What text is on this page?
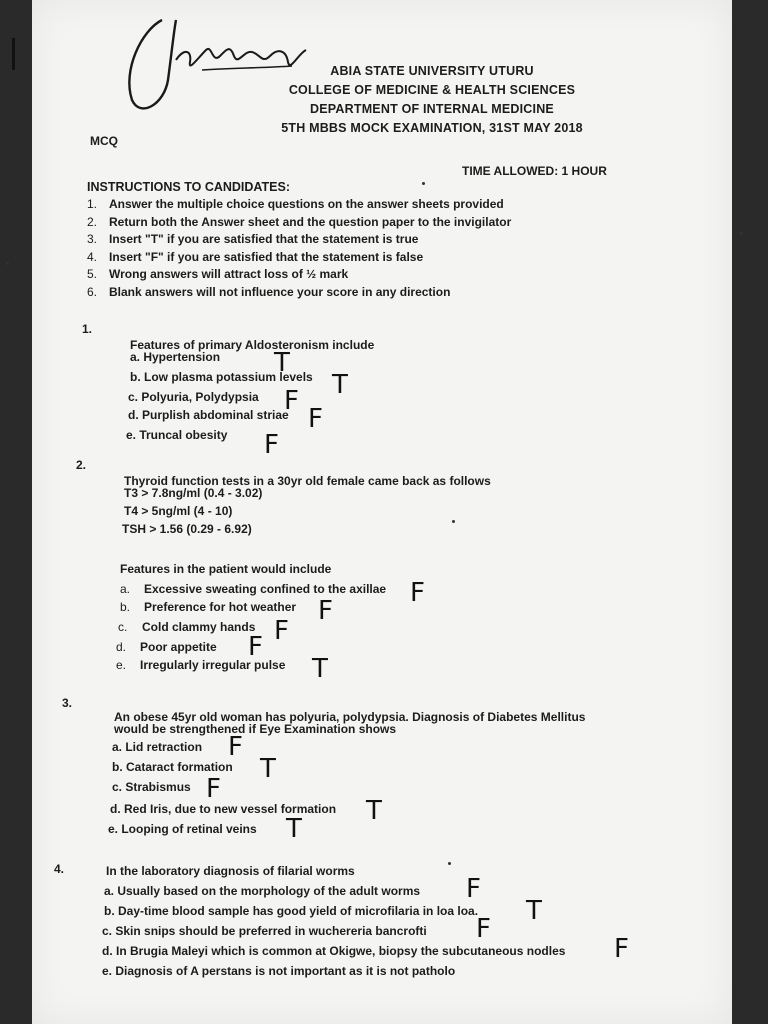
ABIA STATE UNIVERSITY UTURU
COLLEGE OF MEDICINE & HEALTH SCIENCES
DEPARTMENT OF INTERNAL MEDICINE
5TH MBBS MOCK EXAMINATION, 31ST MAY 2018
MCQ
TIME ALLOWED: 1 HOUR
INSTRUCTIONS TO CANDIDATES:
1. Answer the multiple choice questions on the answer sheets provided
2. Return both the Answer sheet and the question paper to the invigilator
3. Insert "T" if you are satisfied that the statement is true
4. Insert "F" if you are satisfied that the statement is false
5. Wrong answers will attract loss of ½ mark
6. Blank answers will not influence your score in any direction
1.
Features of primary Aldosteronism include
a. Hypertension T
b. Low plasma potassium levels T
c. Polyuria, Polydypsia F
d. Purplish abdominal striae F
e. Truncal obesity F
2.
Thyroid function tests in a 30yr old female came back as follows
T3 > 7.8ng/ml (0.4 - 3.02)
T4 > 5ng/ml (4 - 10)
TSH > 1.56 (0.29 - 6.92)
Features in the patient would include
a. Excessive sweating confined to the axillae F
b. Preference for hot weather F
c. Cold clammy hands F
d. Poor appetite F
e. Irregularly irregular pulse T
3.
An obese 45yr old woman has polyuria, polydypsia. Diagnosis of Diabetes Mellitus
would be strengthened if Eye Examination shows
a. Lid retraction F
b. Cataract formation T
c. Strabismus F
d. Red Iris, due to new vessel formation T
e. Looping of retinal veins T
4.	In the laboratory diagnosis of filarial worms
a. Usually based on the morphology of the adult worms F
b. Day-time blood sample has good yield of microfilaria in loa loa. T
c. Skin snips should be preferred in wuchereria bancrofti F
d. In Brugia Maleyi which is common at Okigwe, biopsy the subcutaneous nodles F
e. Diagnosis of A perstans is not important as it is not patholo
